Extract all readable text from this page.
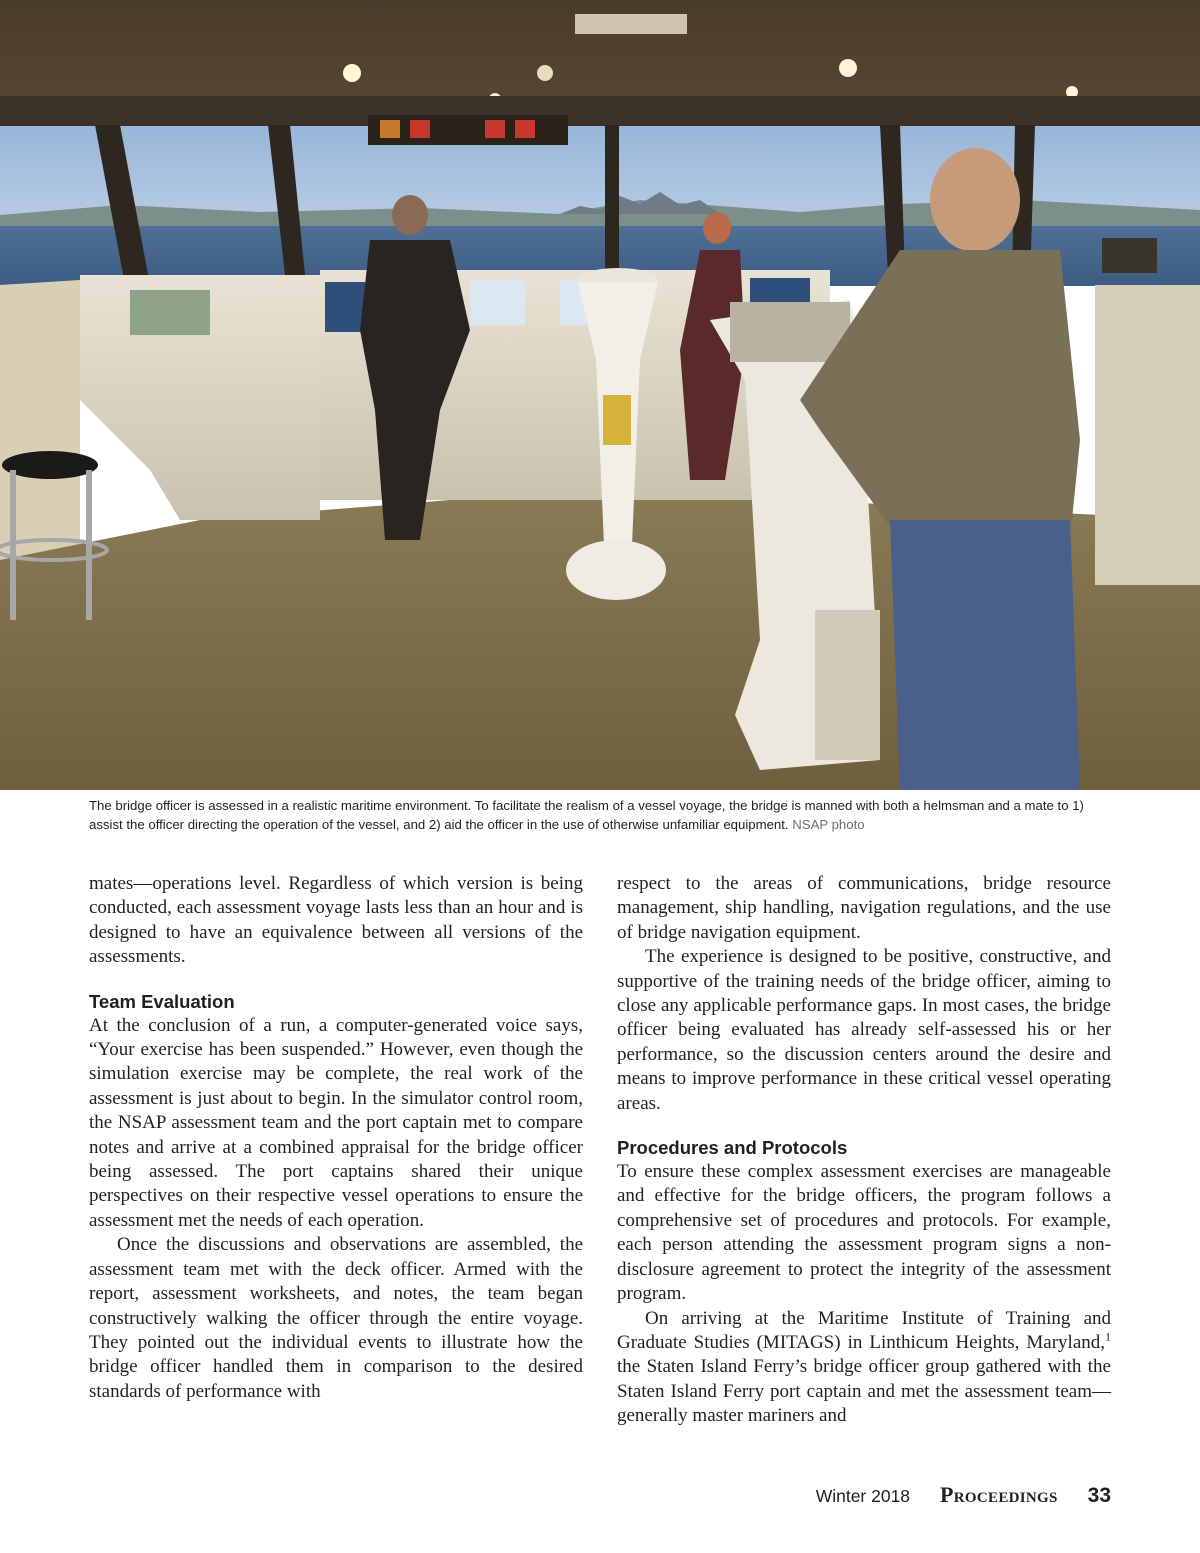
The bridge officer is assessed in a realistic maritime environment. To facilitate the realism of a vessel voyage, the bridge is manned with both a helmsman and a mate to 1) assist the officer directing the operation of the vessel, and 2) aid the officer in the use of otherwise unfamiliar equipment. NSAP photo

mates—operations level. Regardless of which version is being conducted, each assessment voyage lasts less than an hour and is designed to have an equivalence between all versions of the assessments.

Team Evaluation

At the conclusion of a run, a computer-generated voice says, “Your exercise has been suspended.” However, even though the simulation exercise may be complete, the real work of the assessment is just about to begin. In the simulator control room, the NSAP assessment team and the port captain met to compare notes and arrive at a combined appraisal for the bridge officer being assessed. The port captains shared their unique perspectives on their respective vessel operations to ensure the assessment met the needs of each operation.

Once the discussions and observations are assembled, the assessment team met with the deck officer. Armed with the report, assessment worksheets, and notes, the team began constructively walking the officer through the entire voyage. They pointed out the individual events to illustrate how the bridge officer handled them in comparison to the desired standards of performance with

respect to the areas of communications, bridge resource management, ship handling, navigation regulations, and the use of bridge navigation equipment.

The experience is designed to be positive, constructive, and supportive of the training needs of the bridge officer, aiming to close any applicable performance gaps. In most cases, the bridge officer being evaluated has already self-assessed his or her performance, so the discussion centers around the desire and means to improve performance in these critical vessel operating areas.

Procedures and Protocols

To ensure these complex assessment exercises are manageable and effective for the bridge officers, the program follows a comprehensive set of procedures and protocols. For example, each person attending the assessment program signs a non-disclosure agreement to protect the integrity of the assessment program.

On arriving at the Maritime Institute of Training and Graduate Studies (MITAGS) in Linthicum Heights, Maryland,$^1$ the Staten Island Ferry’s bridge officer group gathered with the Staten Island Ferry port captain and met the assessment team—generally master mariners and

Winter 2018 Proceedings 33
